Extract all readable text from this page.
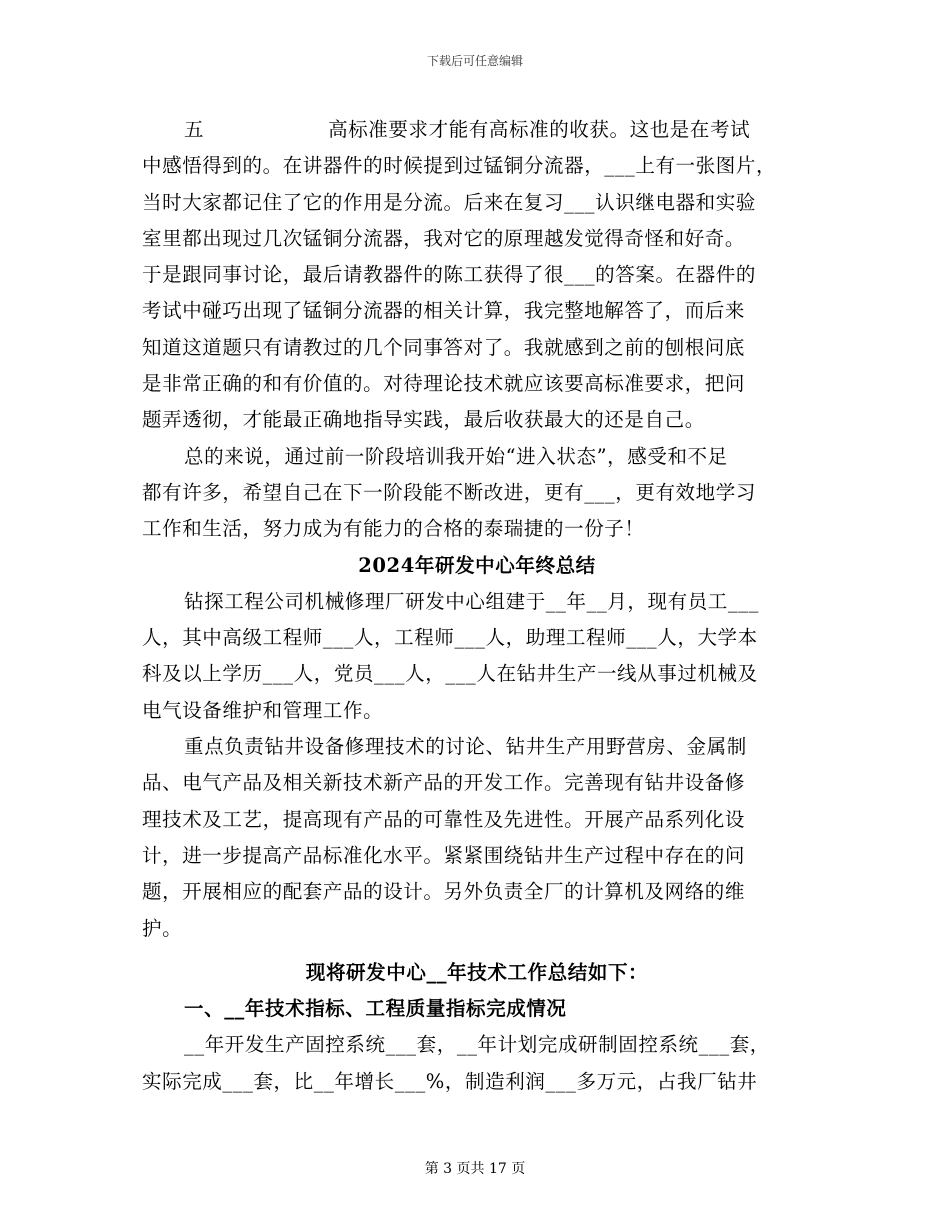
下载后可任意编辑
五	高标准要求才能有高标准的收获。这也是在考试
中感悟得到的。在讲器件的时候提到过锰铜分流器，___上有一张图片，
当时大家都记住了它的作用是分流。后来在复习___认识继电器和实验
室里都出现过几次锰铜分流器，我对它的原理越发觉得奇怪和好奇。
于是跟同事讨论，最后请教器件的陈工获得了很___的答案。在器件的
考试中碰巧出现了锰铜分流器的相关计算，我完整地解答了，而后来
知道这道题只有请教过的几个同事答对了。我就感到之前的刨根问底
是非常正确的和有价值的。对待理论技术就应该要高标准要求，把问
题弄透彻，才能最正确地指导实践，最后收获最大的还是自己。
总的来说，通过前一阶段培训我开始“进入状态”，感受和不足
都有许多，希望自己在下一阶段能不断改进，更有___，更有效地学习
工作和生活，努力成为有能力的合格的泰瑞捷的一份子！
2024年研发中心年终总结
钻探工程公司机械修理厂研发中心组建于__年__月，现有员工___
人，其中高级工程师___人，工程师___人，助理工程师___人，大学本
科及以上学历___人，党员___人，___人在钻井生产一线从事过机械及
电气设备维护和管理工作。
重点负责钻井设备修理技术的讨论、钻井生产用野营房、金属制
品、电气产品及相关新技术新产品的开发工作。完善现有钻井设备修
理技术及工艺，提高现有产品的可靠性及先进性。开展产品系列化设
计，进一步提高产品标准化水平。紧紧围绕钻井生产过程中存在的问
题，开展相应的配套产品的设计。另外负责全厂的计算机及网络的维
护。
现将研发中心__年技术工作总结如下：
一、__年技术指标、工程质量指标完成情况
__年开发生产固控系统___套，__年计划完成研制固控系统___套，
实际完成___套，比__年增长___%，制造利润___多万元，占我厂钻井
第 3 页共 17 页
